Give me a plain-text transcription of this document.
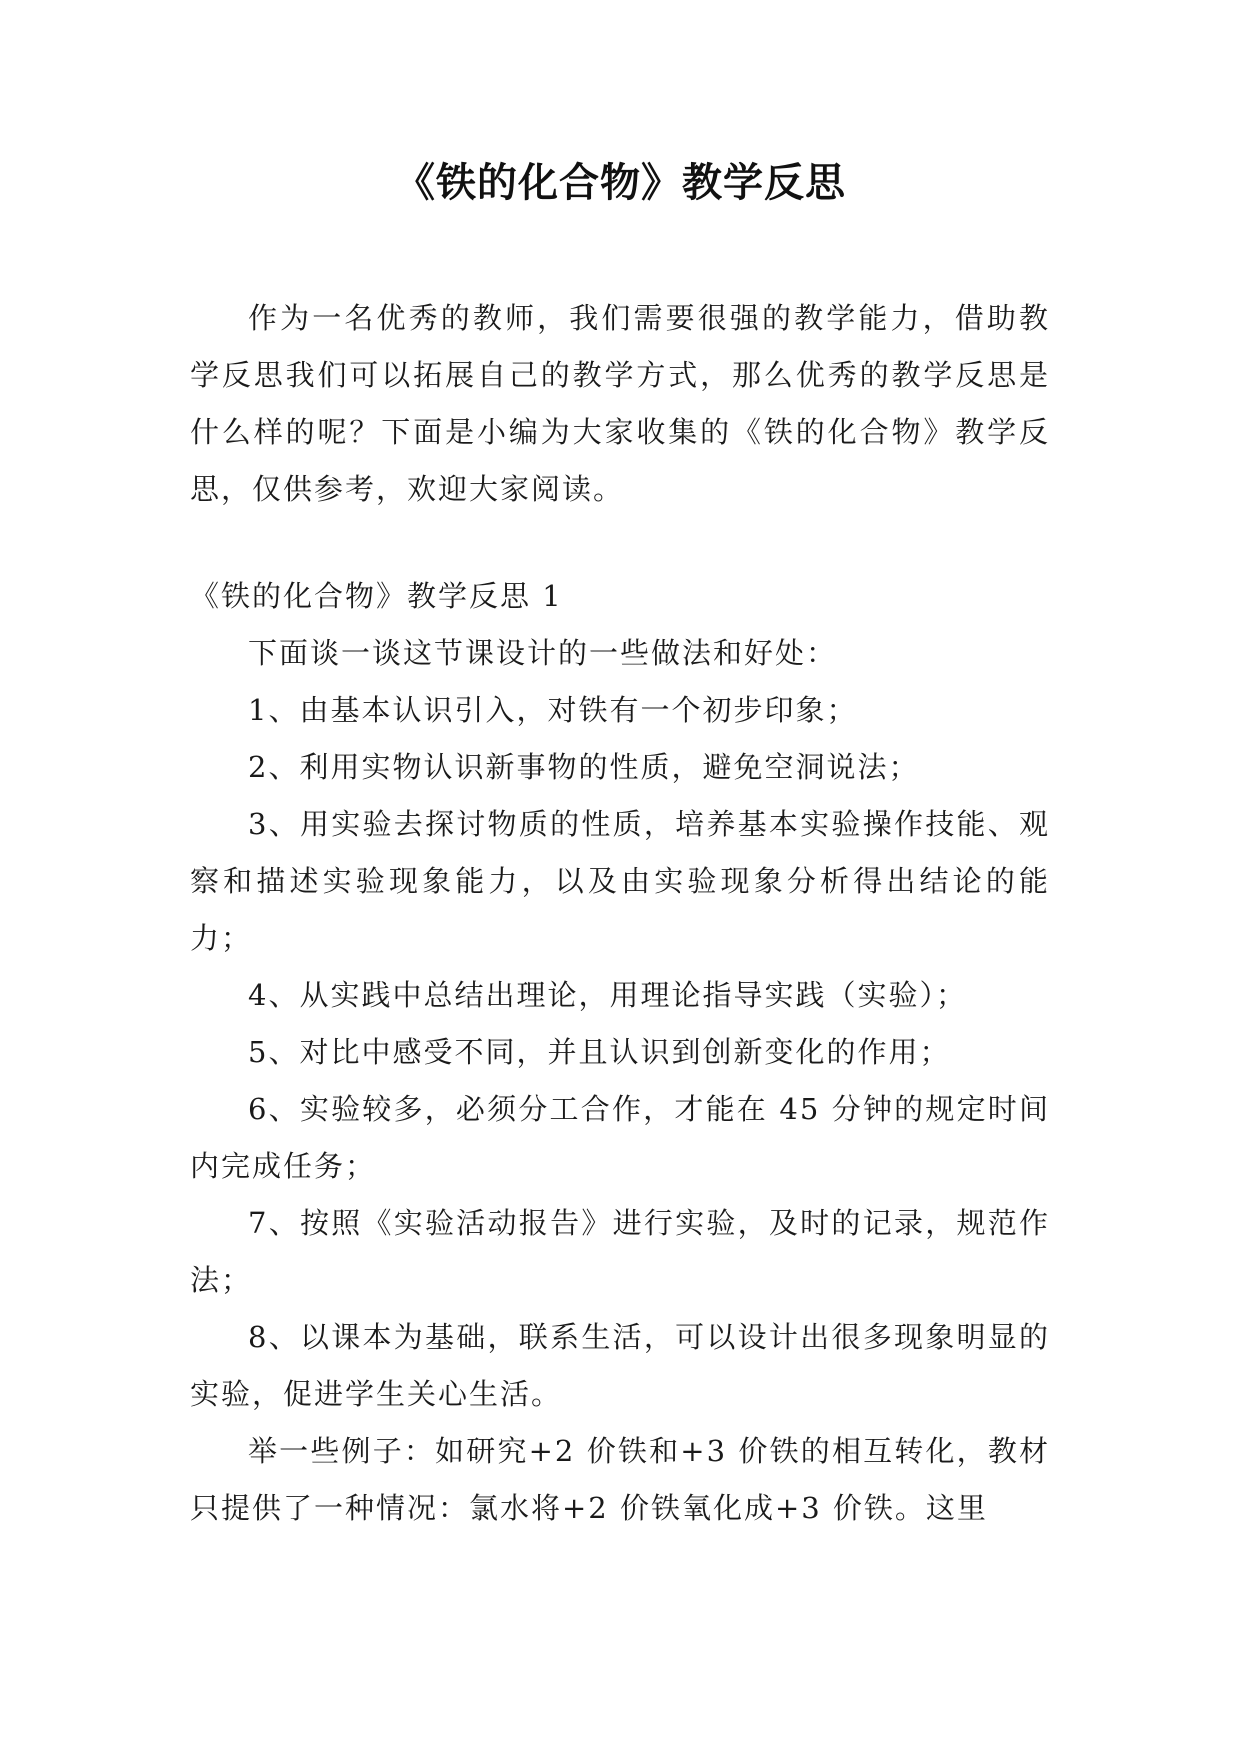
《铁的化合物》教学反思

作为一名优秀的教师，我们需要很强的教学能力，借助教学反思我们可以拓展自己的教学方式，那么优秀的教学反思是什么样的呢？下面是小编为大家收集的《铁的化合物》教学反思，仅供参考，欢迎大家阅读。

《铁的化合物》教学反思 1

下面谈一谈这节课设计的一些做法和好处：

1、由基本认识引入，对铁有一个初步印象；

2、利用实物认识新事物的性质，避免空洞说法；

3、用实验去探讨物质的性质，培养基本实验操作技能、观察和描述实验现象能力，以及由实验现象分析得出结论的能力；

4、从实践中总结出理论，用理论指导实践（实验）；

5、对比中感受不同，并且认识到创新变化的作用；

6、实验较多，必须分工合作，才能在 45 分钟的规定时间内完成任务；

7、按照《实验活动报告》进行实验，及时的记录，规范作法；

8、以课本为基础，联系生活，可以设计出很多现象明显的实验，促进学生关心生活。

举一些例子：如研究+2 价铁和+3 价铁的相互转化，教材只提供了一种情况：氯水将+2 价铁氧化成+3 价铁。这里
